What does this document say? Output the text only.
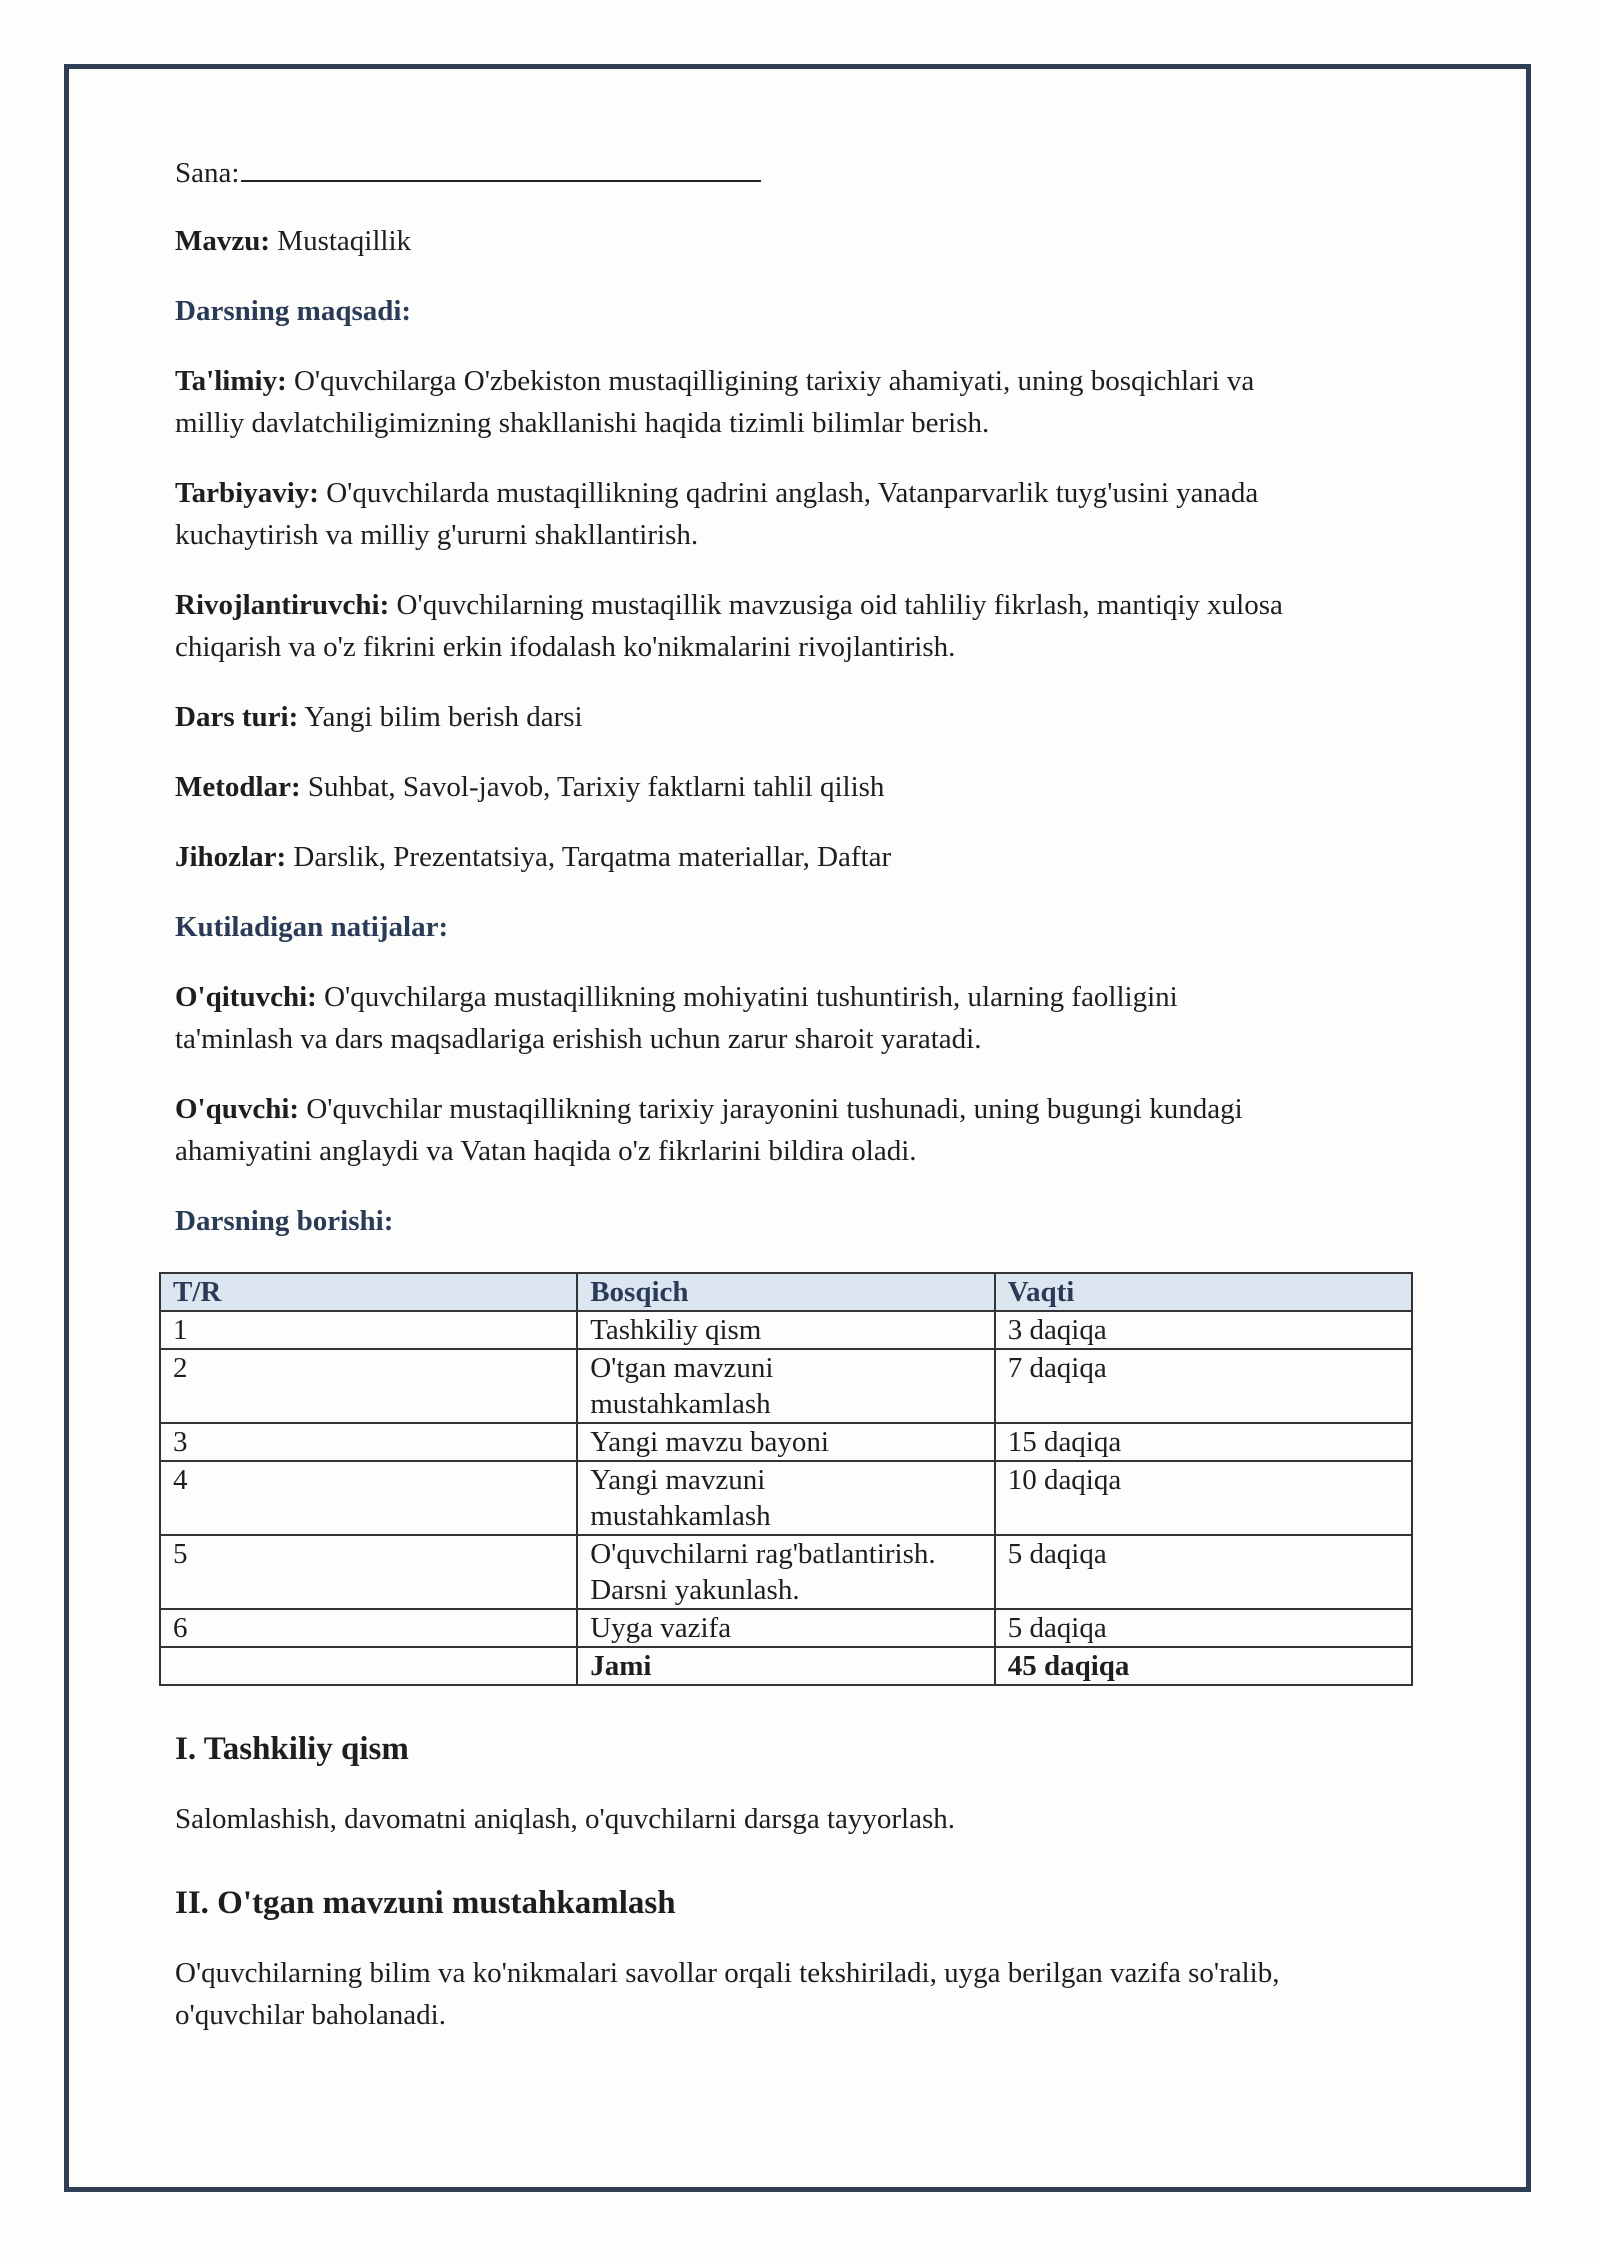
Sana:
Mavzu: Mustaqillik
Darsning maqsadi:
Ta'limiy: O'quvchilarga O'zbekiston mustaqilligining tarixiy ahamiyati, uning bosqichlari va
milliy davlatchiligimizning shakllanishi haqida tizimli bilimlar berish.
Tarbiyaviy: O'quvchilarda mustaqillikning qadrini anglash, Vatanparvarlik tuyg'usini yanada
kuchaytirish va milliy g'ururni shakllantirish.
Rivojlantiruvchi: O'quvchilarning mustaqillik mavzusiga oid tahliliy fikrlash, mantiqiy xulosa
chiqarish va o'z fikrini erkin ifodalash ko'nikmalarini rivojlantirish.
Dars turi: Yangi bilim berish darsi
Metodlar: Suhbat, Savol-javob, Tarixiy faktlarni tahlil qilish
Jihozlar: Darslik, Prezentatsiya, Tarqatma materiallar, Daftar
Kutiladigan natijalar:
O'qituvchi: O'quvchilarga mustaqillikning mohiyatini tushuntirish, ularning faolligini
ta'minlash va dars maqsadlariga erishish uchun zarur sharoit yaratadi.
O'quvchi: O'quvchilar mustaqillikning tarixiy jarayonini tushunadi, uning bugungi kundagi
ahamiyatini anglaydi va Vatan haqida o'z fikrlarini bildira oladi.
Darsning borishi:
T/R	Bosqich	Vaqti
1	Tashkiliy qism	3 daqiqa
2	O'tgan mavzuni
mustahkamlash	7 daqiqa
3	Yangi mavzu bayoni	15 daqiqa
4	Yangi mavzuni
mustahkamlash	10 daqiqa
5	O'quvchilarni rag'batlantirish.
Darsni yakunlash.	5 daqiqa
6	Uyga vazifa	5 daqiqa
	Jami	45 daqiqa
I. Tashkiliy qism
Salomlashish, davomatni aniqlash, o'quvchilarni darsga tayyorlash.
II. O'tgan mavzuni mustahkamlash
O'quvchilarning bilim va ko'nikmalari savollar orqali tekshiriladi, uyga berilgan vazifa so'ralib,
o'quvchilar baholanadi.
